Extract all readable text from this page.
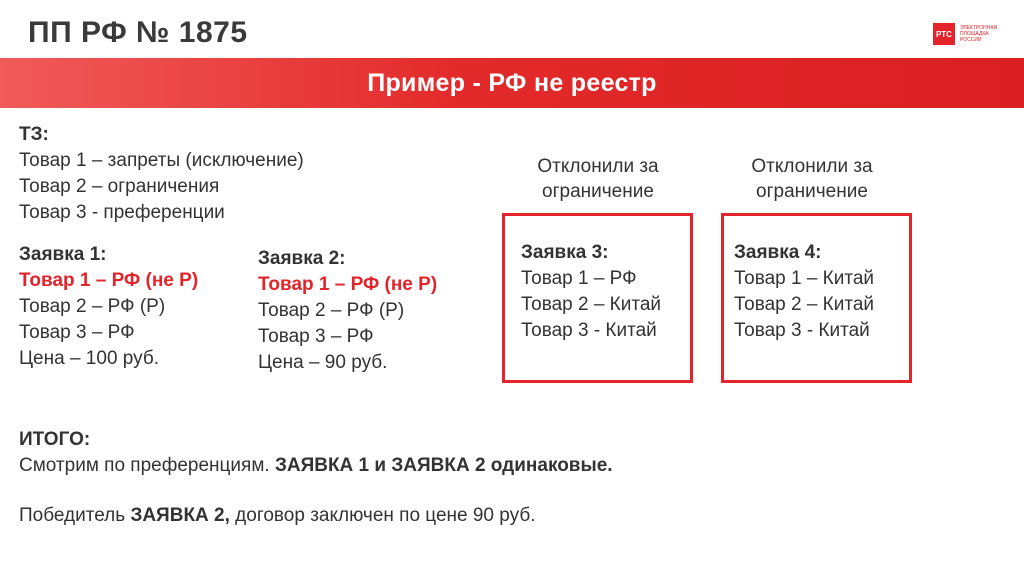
ПП РФ № 1875	РТС
ЭЛЕКТРОННАЯ
ПЛОЩАДКА
РОССИИ
Пример - РФ не реестр
ТЗ:
Товар 1 – запреты (исключение)
Товар 2 – ограничения
Товар 3 - преференции
Заявка 1:
Товар 1 – РФ (не Р)
Товар 2 – РФ (Р)
Товар 3 – РФ
Цена – 100 руб.
Заявка 2:
Товар 1 – РФ (не Р)
Товар 2 – РФ (Р)
Товар 3 – РФ
Цена – 90 руб.
Отклонили за
ограничение
Отклонили за
ограничение
Заявка 3:
Товар 1 – РФ
Товар 2 – Китай
Товар 3 - Китай
Заявка 4:
Товар 1 – Китай
Товар 2 – Китай
Товар 3 - Китай
ИТОГО:
Смотрим по преференциям. ЗАЯВКА 1 и ЗАЯВКА 2 одинаковые.
Победитель ЗАЯВКА 2, договор заключен по цене 90 руб.
